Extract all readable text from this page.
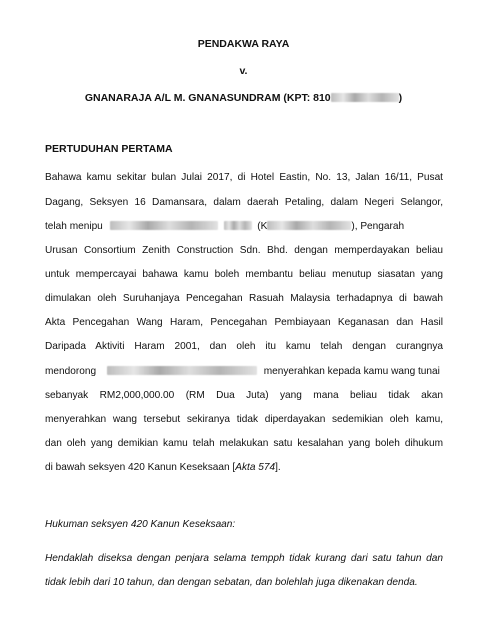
PENDAKWA RAYA
v.
GNANARAJA A/L M. GNANASUNDRAM (KPT: 810	)
PERTUDUHAN PERTAMA
Bahawa kamu sekitar bulan Julai 2017, di Hotel Eastin, No. 13, Jalan 16/11, Pusat
Dagang, Seksyen 16 Damansara, dalam daerah Petaling, dalam Negeri Selangor,
telah menipu	(K	), Pengarah
Urusan Consortium Zenith Construction Sdn. Bhd. dengan memperdayakan beliau
untuk mempercayai bahawa kamu boleh membantu beliau menutup siasatan yang
dimulakan oleh Suruhanjaya Pencegahan Rasuah Malaysia terhadapnya di bawah
Akta Pencegahan Wang Haram, Pencegahan Pembiayaan Keganasan dan Hasil
Daripada Aktiviti Haram 2001, dan oleh itu kamu telah dengan curangnya
mendorong	menyerahkan kepada kamu wang tunai
sebanyak RM2,000,000.00 (RM Dua Juta) yang mana beliau tidak akan
menyerahkan wang tersebut sekiranya tidak diperdayakan sedemikian oleh kamu,
dan oleh yang demikian kamu telah melakukan satu kesalahan yang boleh dihukum
di bawah seksyen 420 Kanun Keseksaan [Akta 574].
Hukuman seksyen 420 Kanun Keseksaan:
Hendaklah diseksa dengan penjara selama tempph tidak kurang dari satu tahun dan
tidak lebih dari 10 tahun, dan dengan sebatan, dan bolehlah juga dikenakan denda.
